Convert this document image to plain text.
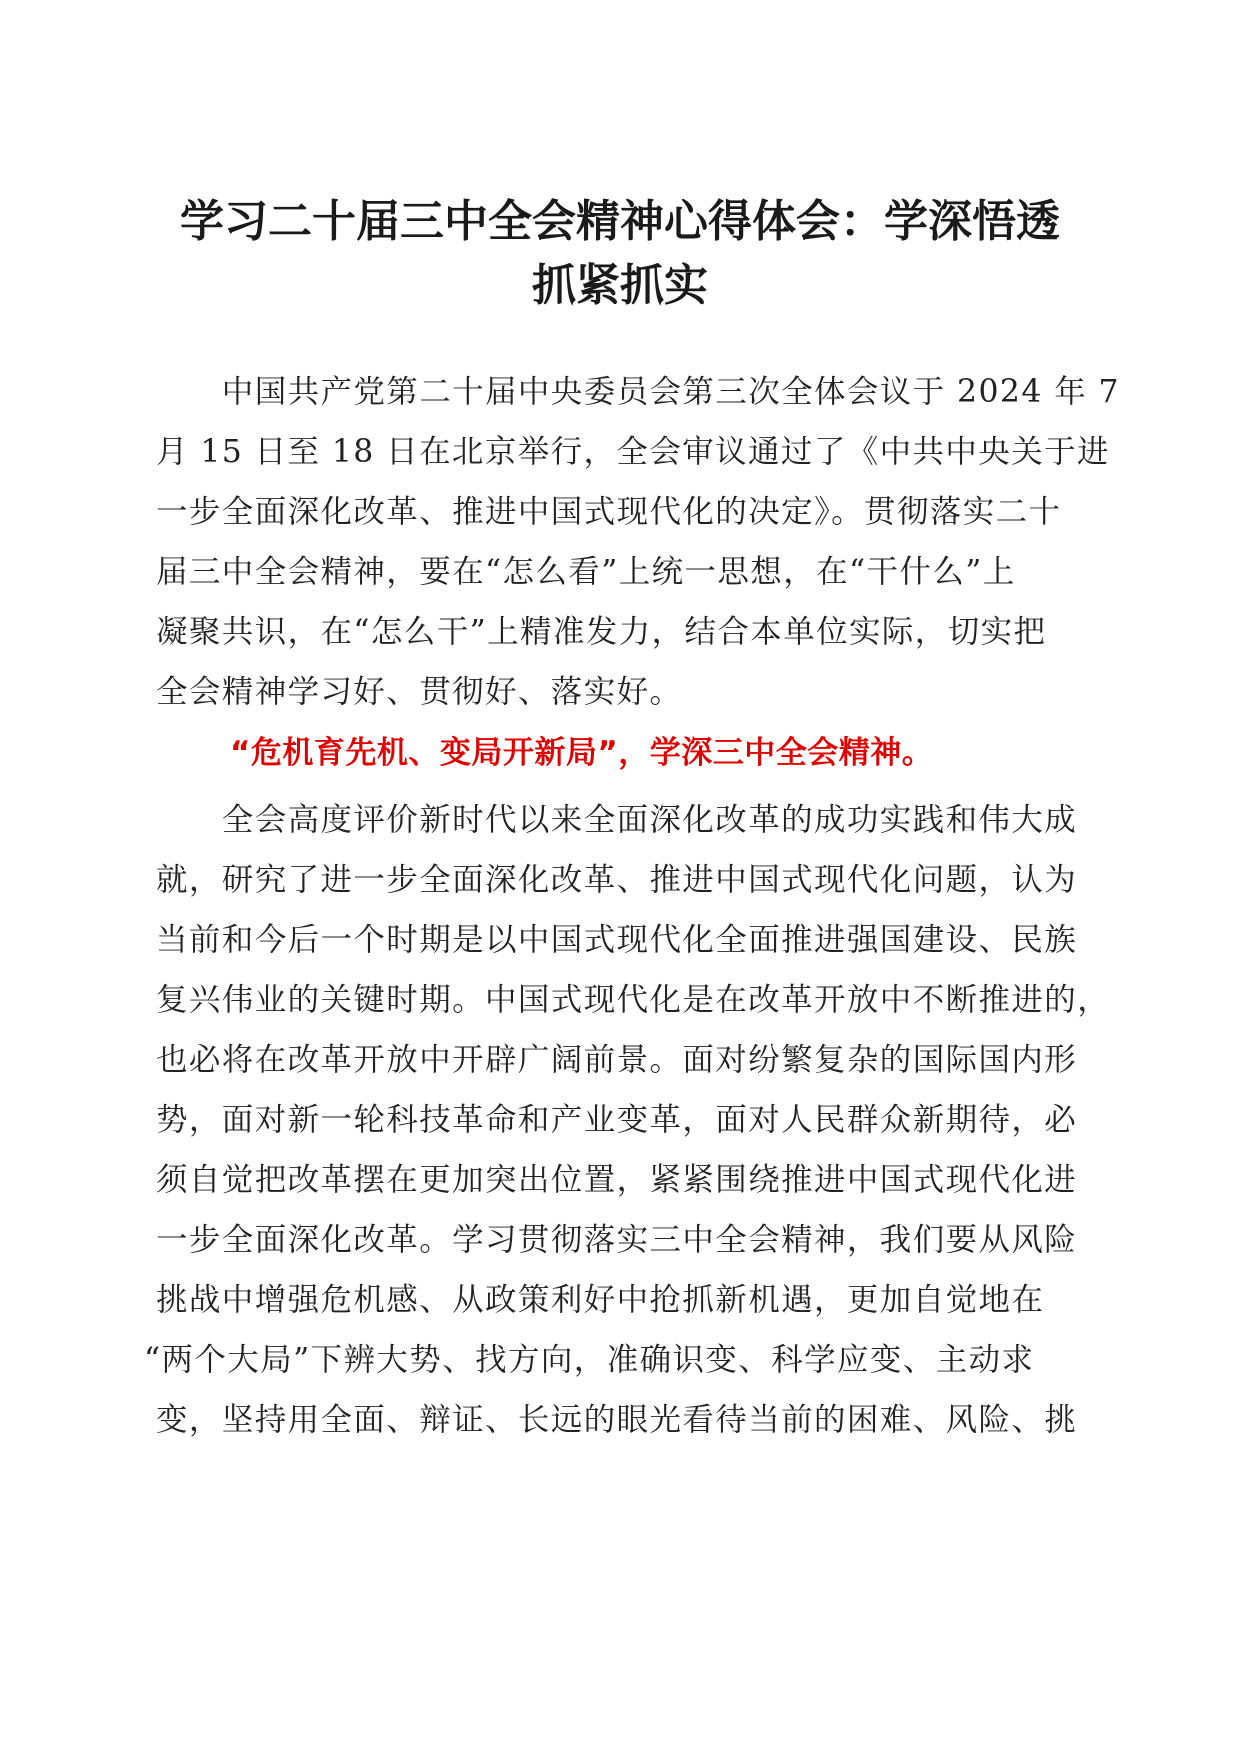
学习二十届三中全会精神心得体会：学深悟透
抓紧抓实
　　中国共产党第二十届中央委员会第三次全体会议于 2024 年 7
月 15 日至 18 日在北京举行，全会审议通过了《中共中央关于进
一步全面深化改革、推进中国式现代化的决定》。贯彻落实二十
届三中全会精神，要在“怎么看”上统一思想，在“干什么”上
凝聚共识，在“怎么干”上精准发力，结合本单位实际，切实把
全会精神学习好、贯彻好、落实好。
“危机育先机、变局开新局”，学深三中全会精神。
　　全会高度评价新时代以来全面深化改革的成功实践和伟大成
就，研究了进一步全面深化改革、推进中国式现代化问题，认为
当前和今后一个时期是以中国式现代化全面推进强国建设、民族
复兴伟业的关键时期。中国式现代化是在改革开放中不断推进的，
也必将在改革开放中开辟广阔前景。面对纷繁复杂的国际国内形
势，面对新一轮科技革命和产业变革，面对人民群众新期待，必
须自觉把改革摆在更加突出位置，紧紧围绕推进中国式现代化进
一步全面深化改革。学习贯彻落实三中全会精神，我们要从风险
挑战中增强危机感、从政策利好中抢抓新机遇，更加自觉地在
“两个大局”下辨大势、找方向，准确识变、科学应变、主动求
变，坚持用全面、辩证、长远的眼光看待当前的困难、风险、挑
